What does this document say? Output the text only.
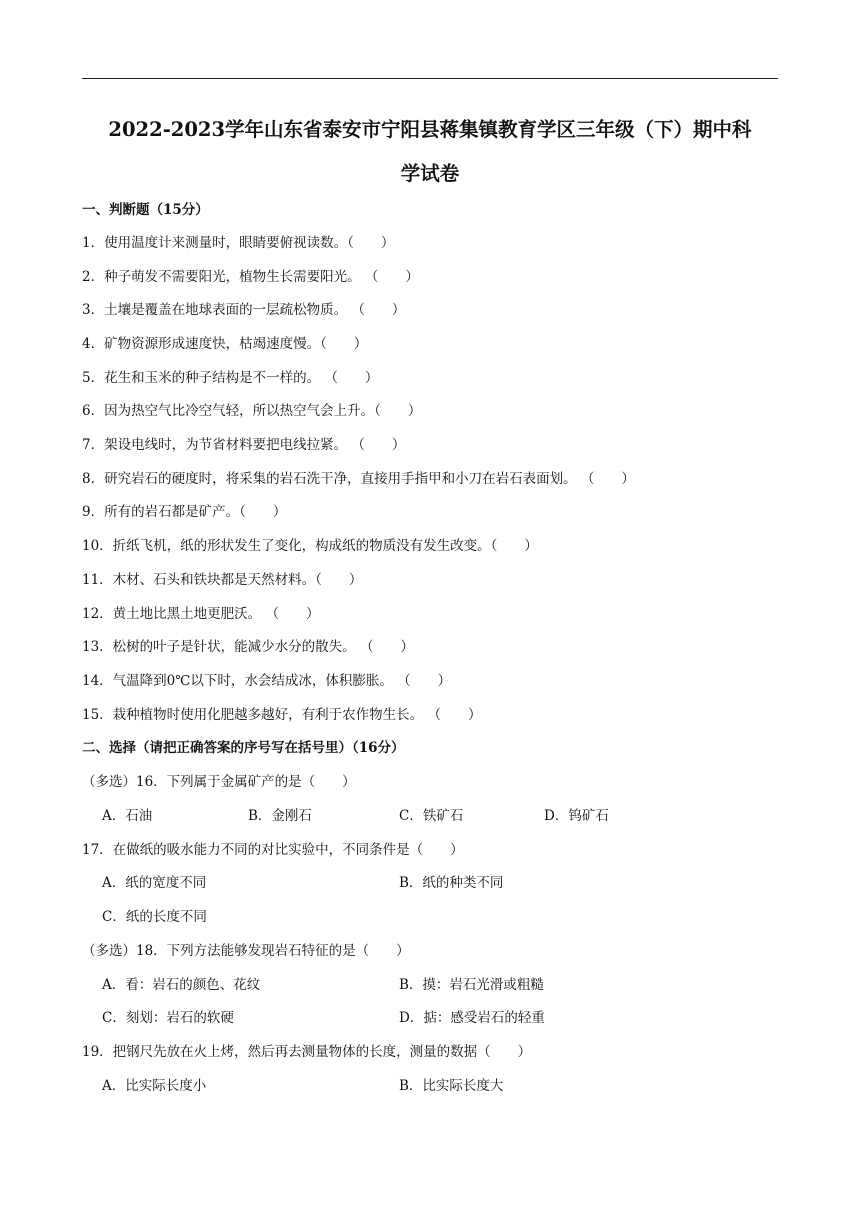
2022-2023学年山东省泰安市宁阳县蒋集镇教育学区三年级（下）期中科
学试卷
一、判断题（15分）
1．使用温度计来测量时，眼睛要俯视读数。（　　）
2．种子萌发不需要阳光，植物生长需要阳光。 （　　）
3．土壤是覆盖在地球表面的一层疏松物质。 （　　）
4．矿物资源形成速度快，枯竭速度慢。（　　）
5．花生和玉米的种子结构是不一样的。 （　　）
6．因为热空气比冷空气轻，所以热空气会上升。（　　）
7．架设电线时，为节省材料要把电线拉紧。 （　　）
8．研究岩石的硬度时，将采集的岩石洗干净，直接用手指甲和小刀在岩石表面划。 （　　）
9．所有的岩石都是矿产。（　　）
10．折纸飞机，纸的形状发生了变化，构成纸的物质没有发生改变。（　　）
11．木材、石头和铁块都是天然材料。（　　）
12．黄土地比黑土地更肥沃。 （　　）
13．松树的叶子是针状，能减少水分的散失。 （　　）
14．气温降到0℃以下时，水会结成冰，体积膨胀。 （　　）
15．栽种植物时使用化肥越多越好，有利于农作物生长。 （　　）
二、选择（请把正确答案的序号写在括号里）（16分）
（多选）16．下列属于金属矿产的是（　　）
A．石油	B．金刚石	C．铁矿石	D．钨矿石
17．在做纸的吸水能力不同的对比实验中，不同条件是（　　）
A．纸的宽度不同	B．纸的种类不同
C．纸的长度不同
（多选）18．下列方法能够发现岩石特征的是（　　）
A．看：岩石的颜色、花纹	B．摸：岩石光滑或粗糙
C．刻划：岩石的软硬	D．掂：感受岩石的轻重
19．把钢尺先放在火上烤，然后再去测量物体的长度，测量的数据（　　）
A．比实际长度小	B．比实际长度大
